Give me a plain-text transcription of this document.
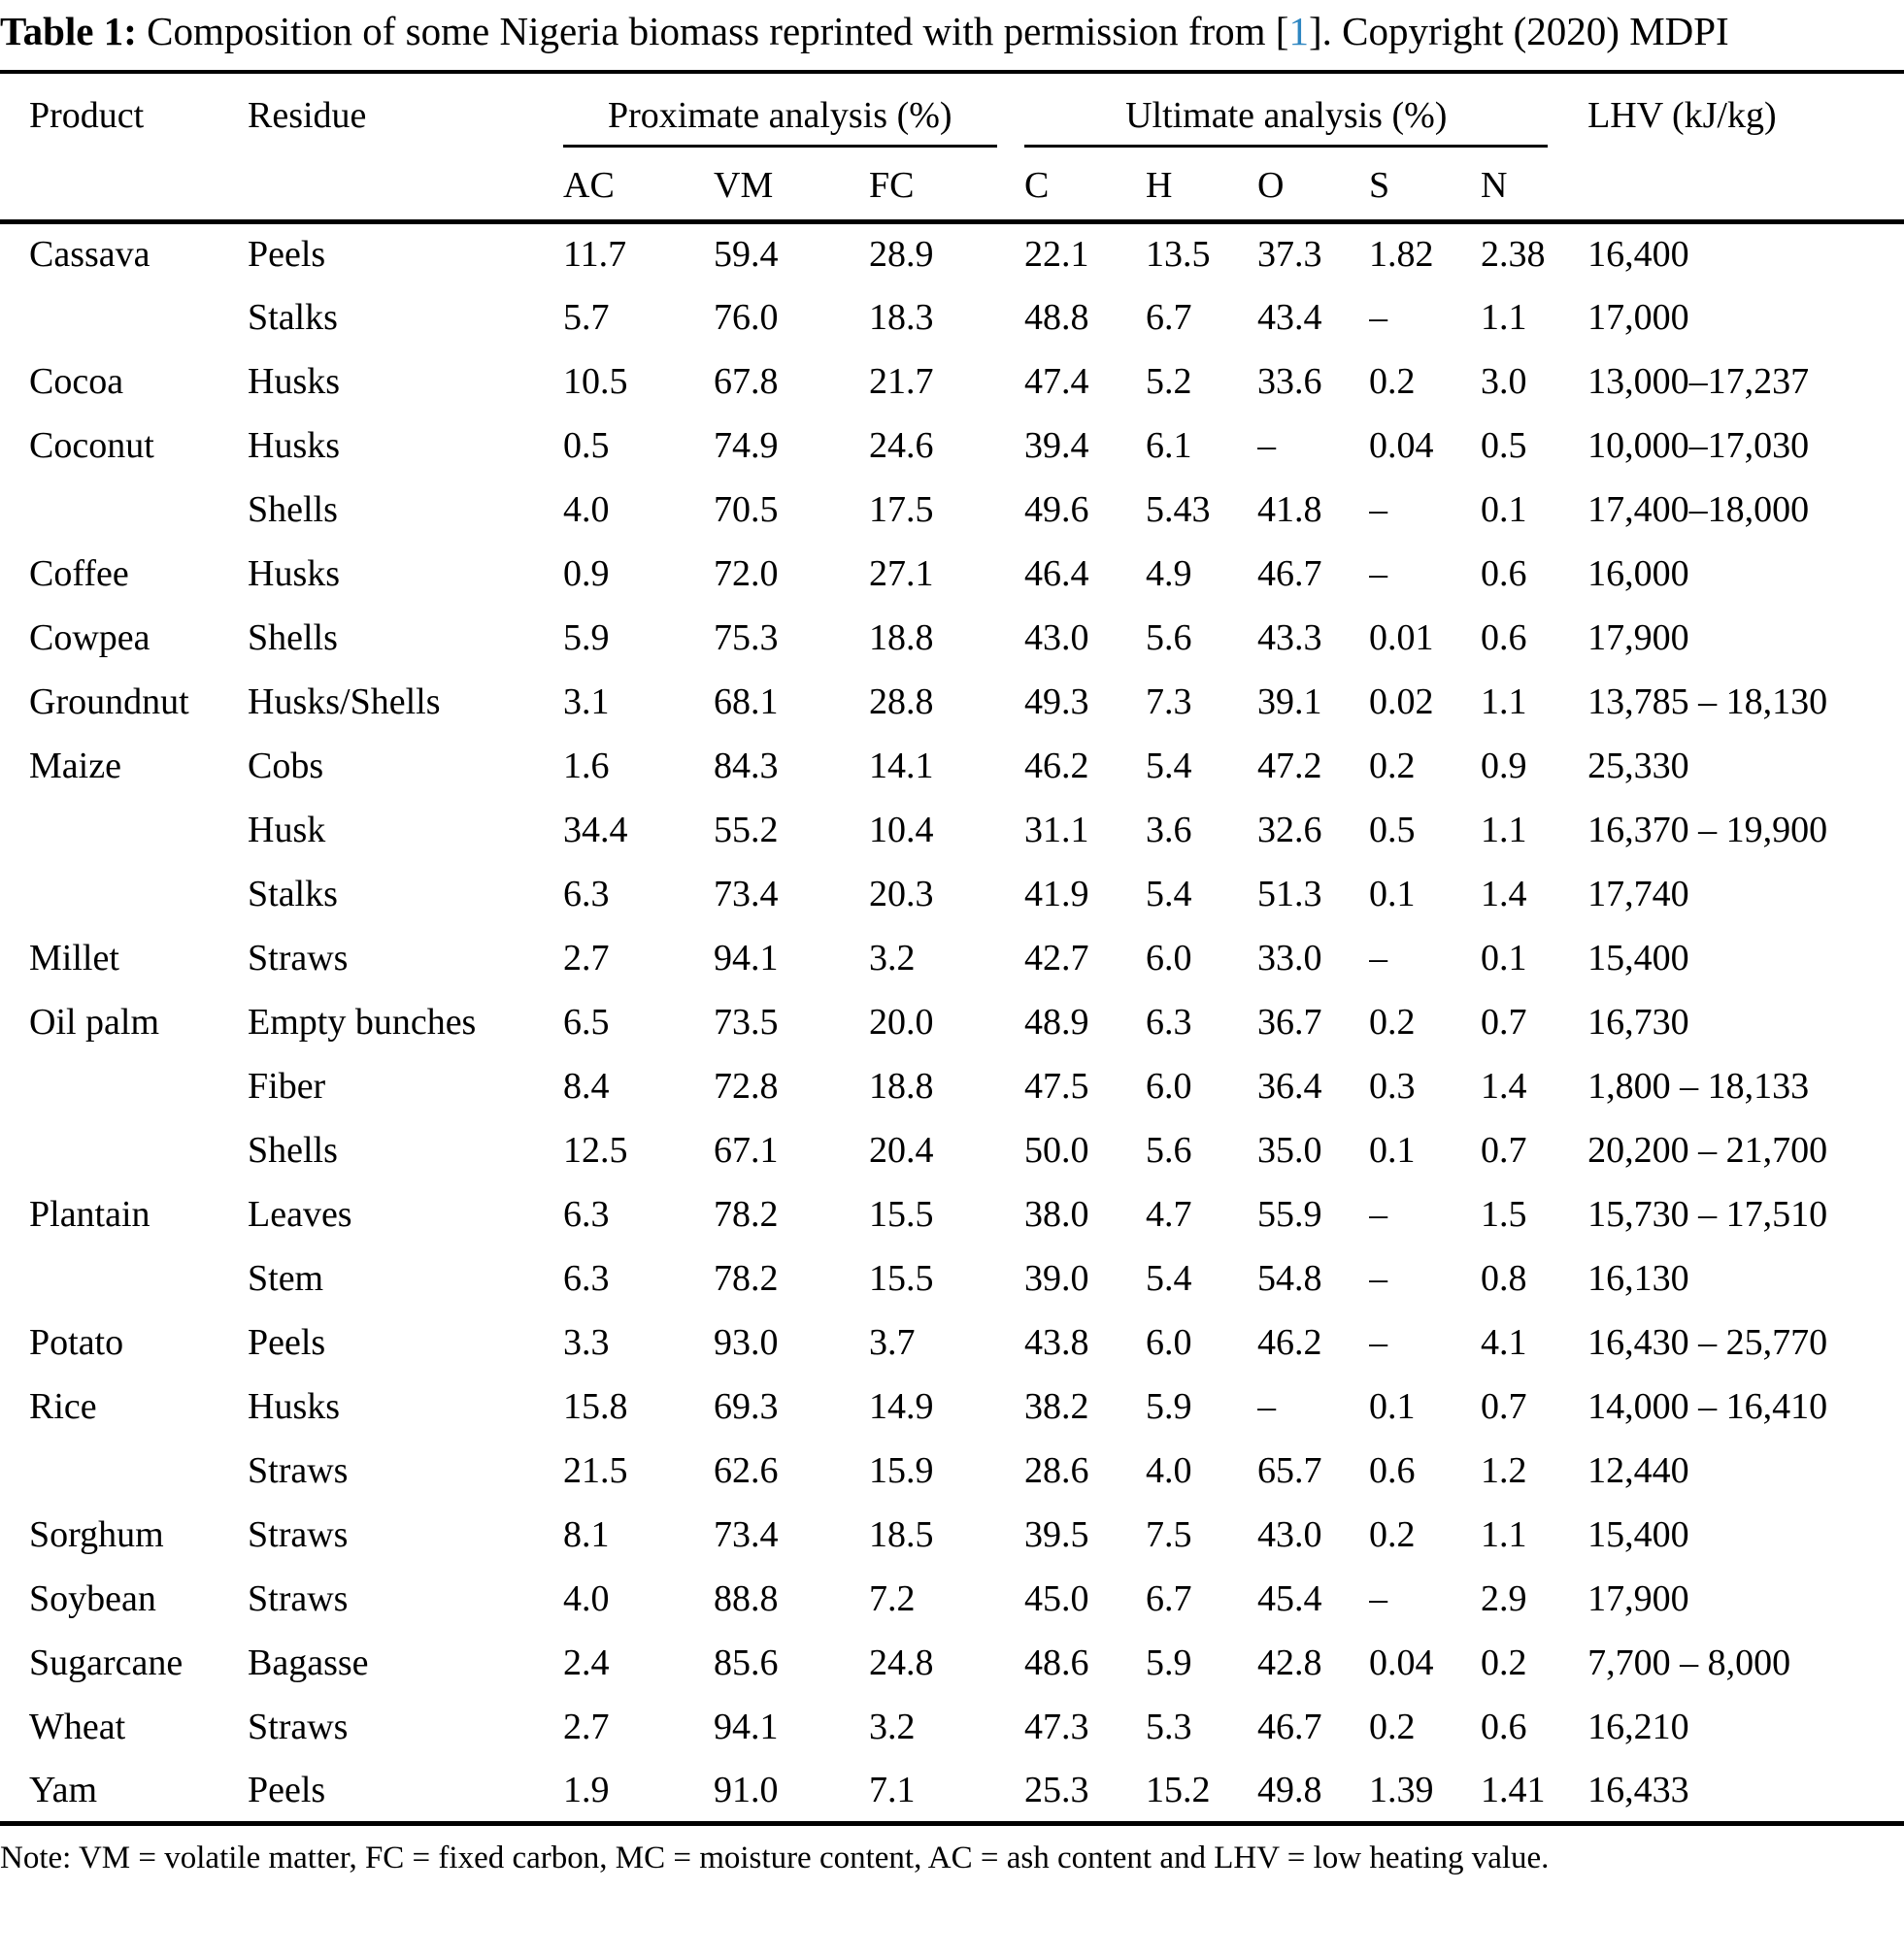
Table 1: Composition of some Nigeria biomass reprinted with permission from [1]. Copyright (2020) MDPI

Product	Residue	Proximate analysis (%)			Ultimate analysis (%)					LHV (kJ/kg)
		AC	VM	FC	C	H	O	S	N	
Cassava	Peels	11.7	59.4	28.9	22.1	13.5	37.3	1.82	2.38	16,400
	Stalks	5.7	76.0	18.3	48.8	6.7	43.4	–	1.1	17,000
Cocoa	Husks	10.5	67.8	21.7	47.4	5.2	33.6	0.2	3.0	13,000–17,237
Coconut	Husks	0.5	74.9	24.6	39.4	6.1	–	0.04	0.5	10,000–17,030
	Shells	4.0	70.5	17.5	49.6	5.43	41.8	–	0.1	17,400–18,000
Coffee	Husks	0.9	72.0	27.1	46.4	4.9	46.7	–	0.6	16,000
Cowpea	Shells	5.9	75.3	18.8	43.0	5.6	43.3	0.01	0.6	17,900
Groundnut	Husks/Shells	3.1	68.1	28.8	49.3	7.3	39.1	0.02	1.1	13,785 – 18,130
Maize	Cobs	1.6	84.3	14.1	46.2	5.4	47.2	0.2	0.9	25,330
	Husk	34.4	55.2	10.4	31.1	3.6	32.6	0.5	1.1	16,370 – 19,900
	Stalks	6.3	73.4	20.3	41.9	5.4	51.3	0.1	1.4	17,740
Millet	Straws	2.7	94.1	3.2	42.7	6.0	33.0	–	0.1	15,400
Oil palm	Empty bunches	6.5	73.5	20.0	48.9	6.3	36.7	0.2	0.7	16,730
	Fiber	8.4	72.8	18.8	47.5	6.0	36.4	0.3	1.4	1,800 – 18,133
	Shells	12.5	67.1	20.4	50.0	5.6	35.0	0.1	0.7	20,200 – 21,700
Plantain	Leaves	6.3	78.2	15.5	38.0	4.7	55.9	–	1.5	15,730 – 17,510
	Stem	6.3	78.2	15.5	39.0	5.4	54.8	–	0.8	16,130
Potato	Peels	3.3	93.0	3.7	43.8	6.0	46.2	–	4.1	16,430 – 25,770
Rice	Husks	15.8	69.3	14.9	38.2	5.9	–	0.1	0.7	14,000 – 16,410
	Straws	21.5	62.6	15.9	28.6	4.0	65.7	0.6	1.2	12,440
Sorghum	Straws	8.1	73.4	18.5	39.5	7.5	43.0	0.2	1.1	15,400
Soybean	Straws	4.0	88.8	7.2	45.0	6.7	45.4	–	2.9	17,900
Sugarcane	Bagasse	2.4	85.6	24.8	48.6	5.9	42.8	0.04	0.2	7,700 – 8,000
Wheat	Straws	2.7	94.1	3.2	47.3	5.3	46.7	0.2	0.6	16,210
Yam	Peels	1.9	91.0	7.1	25.3	15.2	49.8	1.39	1.41	16,433

Note: VM = volatile matter, FC = fixed carbon, MC = moisture content, AC = ash content and LHV = low heating value.
